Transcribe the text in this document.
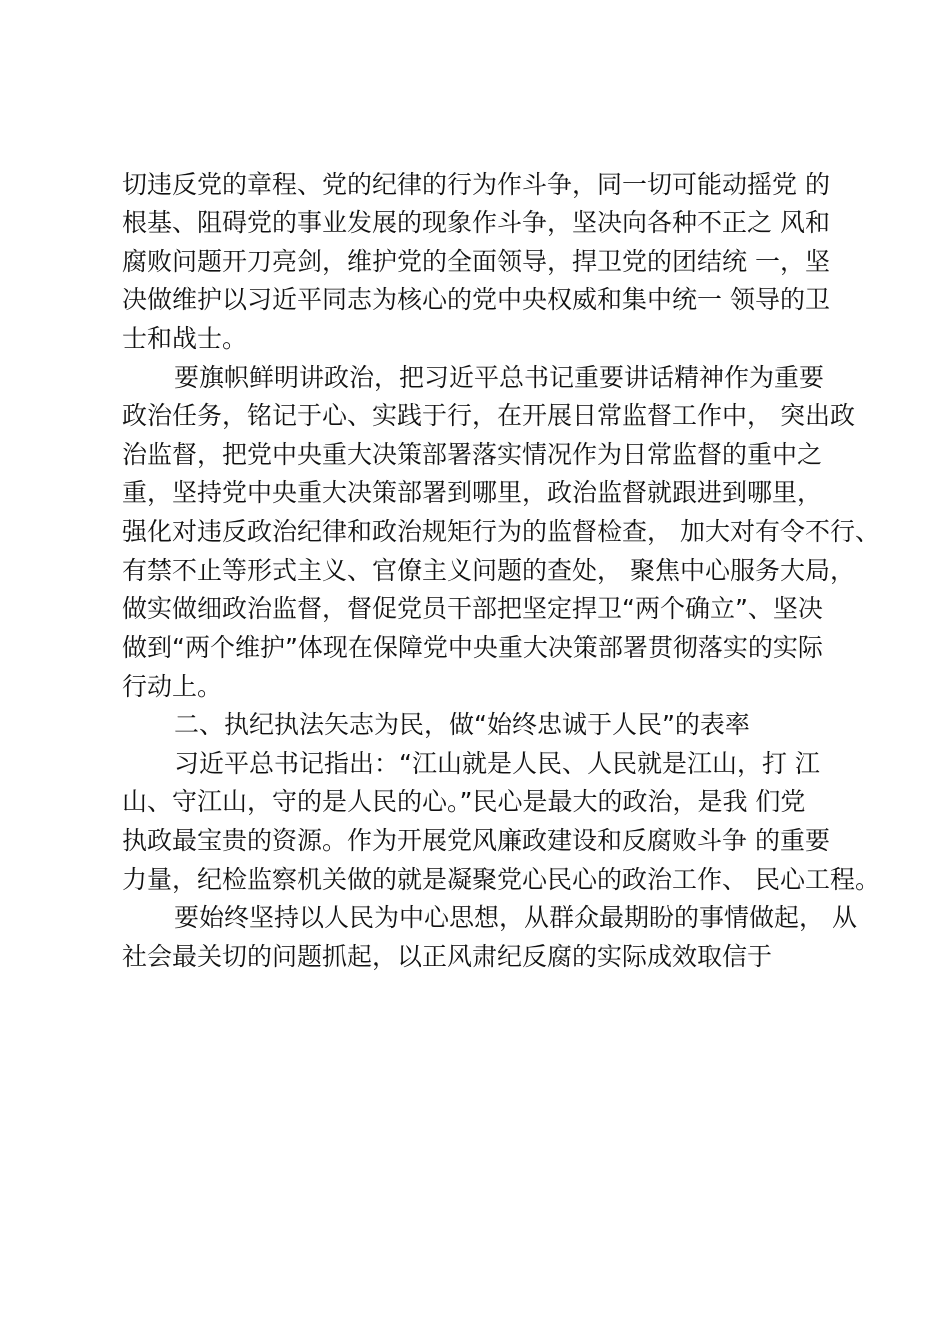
切违反党的章程、党的纪律的行为作斗争，同一切可能动摇党 的
根基、阻碍党的事业发展的现象作斗争，坚决向各种不正之 风和
腐败问题开刀亮剑，维护党的全面领导，捍卫党的团结统 一，坚
决做维护以习近平同志为核心的党中央权威和集中统一 领导的卫
士和战士。
要旗帜鲜明讲政治，把习近平总书记重要讲话精神作为重要
政治任务，铭记于心、实践于行，在开展日常监督工作中， 突出政
治监督，把党中央重大决策部署落实情况作为日常监督的重中之
重，坚持党中央重大决策部署到哪里，政治监督就跟进到哪里，
强化对违反政治纪律和政治规矩行为的监督检查， 加大对有令不行、
有禁不止等形式主义、官僚主义问题的查处， 聚焦中心服务大局，
做实做细政治监督，督促党员干部把坚定捍卫“两个确立”、坚决
做到“两个维护”体现在保障党中央重大决策部署贯彻落实的实际
行动上。
二、执纪执法矢志为民，做“始终忠诚于人民”的表率
习近平总书记指出：“江山就是人民、人民就是江山，打 江
山、守江山，守的是人民的心。”民心是最大的政治，是我 们党
执政最宝贵的资源。作为开展党风廉政建设和反腐败斗争 的重要
力量，纪检监察机关做的就是凝聚党心民心的政治工作、 民心工程。
要始终坚持以人民为中心思想，从群众最期盼的事情做起， 从
社会最关切的问题抓起，以正风肃纪反腐的实际成效取信于
